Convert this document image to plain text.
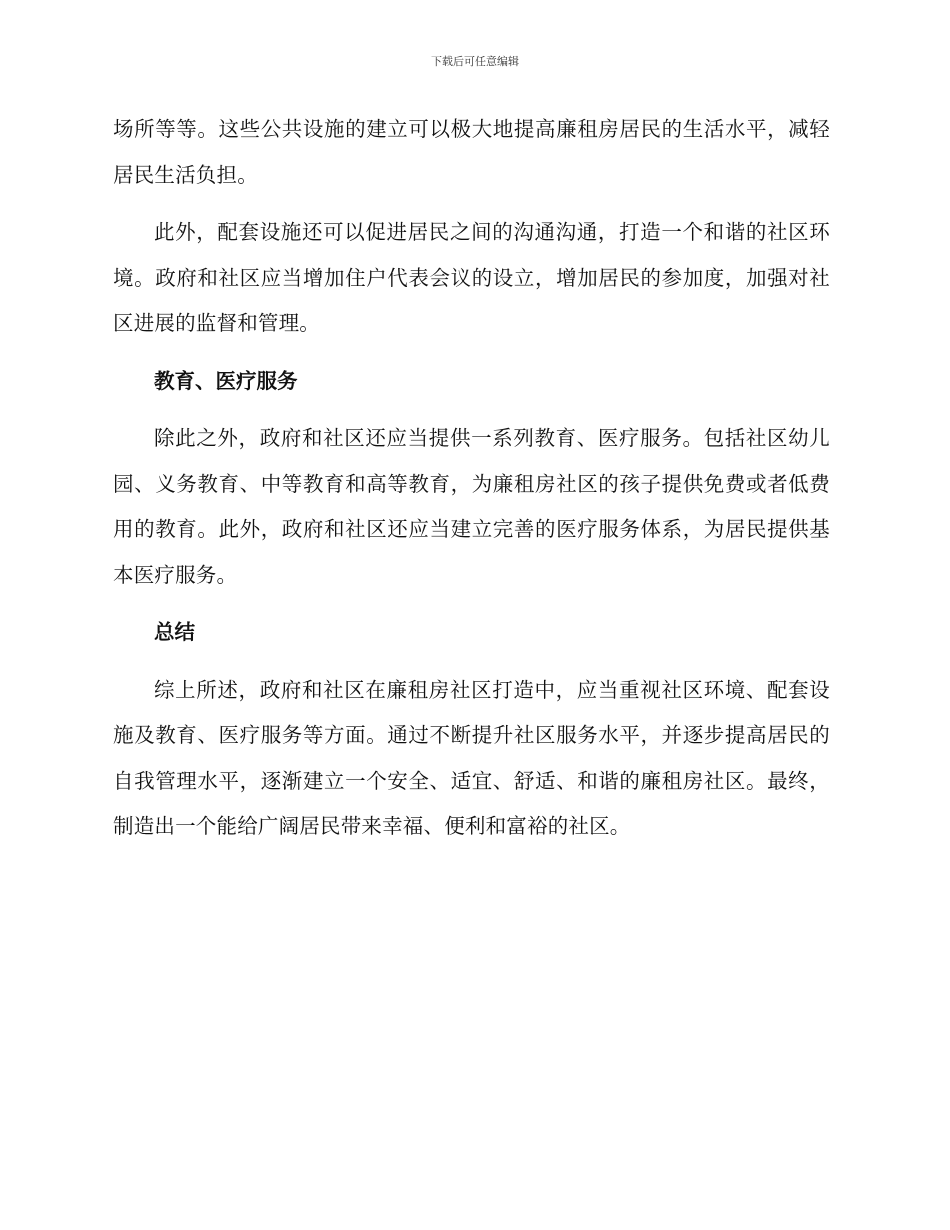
下载后可任意编辑

场所等等。这些公共设施的建立可以极大地提高廉租房居民的生活水平，减轻居民生活负担。

此外，配套设施还可以促进居民之间的沟通沟通，打造一个和谐的社区环境。政府和社区应当增加住户代表会议的设立，增加居民的参加度，加强对社区进展的监督和管理。

教育、医疗服务

除此之外，政府和社区还应当提供一系列教育、医疗服务。包括社区幼儿园、义务教育、中等教育和高等教育，为廉租房社区的孩子提供免费或者低费用的教育。此外，政府和社区还应当建立完善的医疗服务体系，为居民提供基本医疗服务。

总结

综上所述，政府和社区在廉租房社区打造中，应当重视社区环境、配套设施及教育、医疗服务等方面。通过不断提升社区服务水平，并逐步提高居民的自我管理水平，逐渐建立一个安全、适宜、舒适、和谐的廉租房社区。最终，制造出一个能给广阔居民带来幸福、便利和富裕的社区。
